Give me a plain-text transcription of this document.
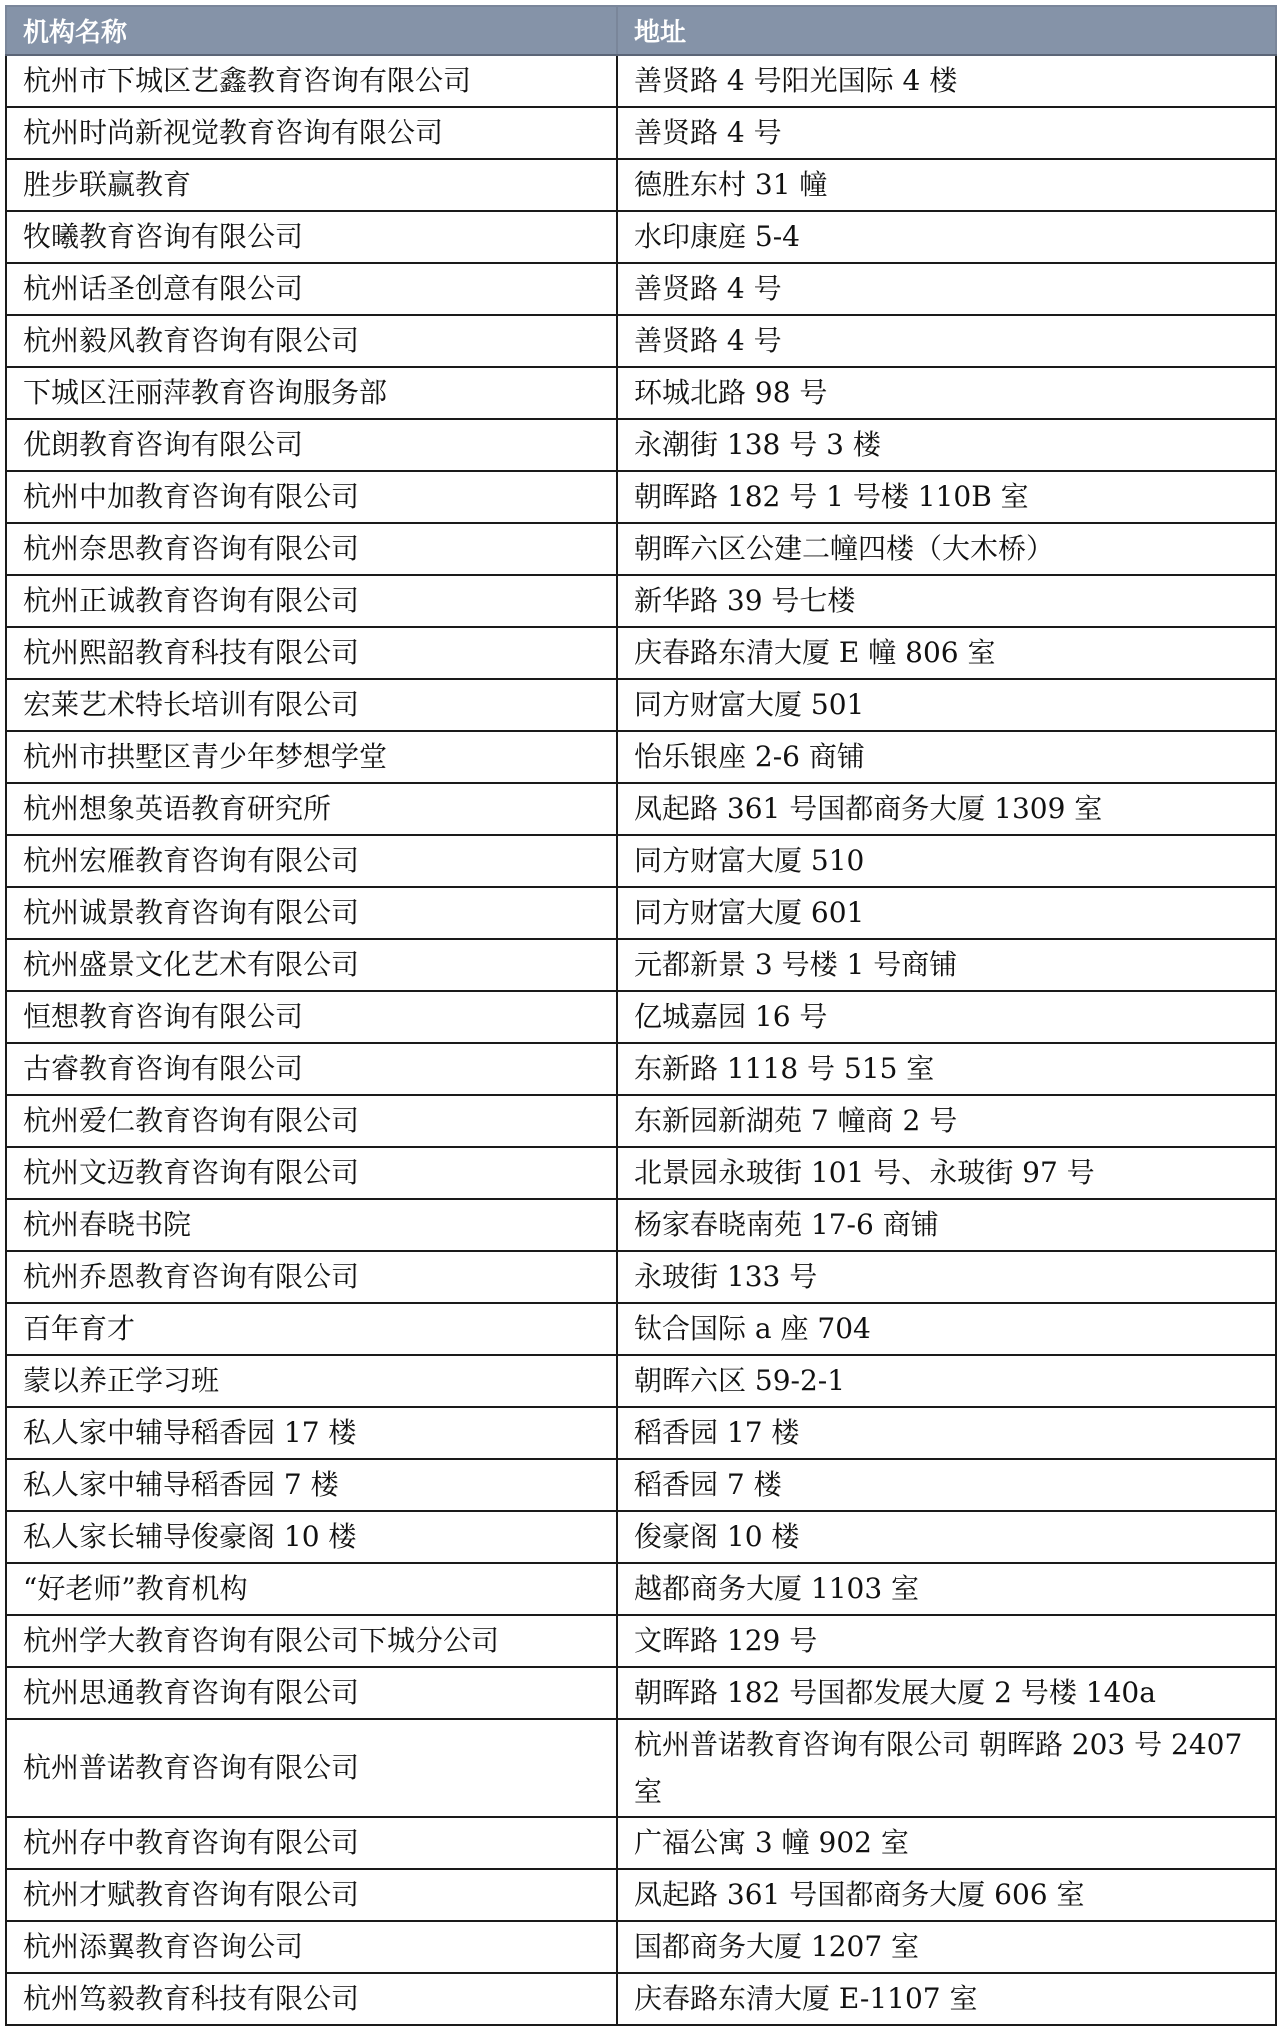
机构名称	地址
杭州市下城区艺鑫教育咨询有限公司	善贤路 4 号阳光国际 4 楼
杭州时尚新视觉教育咨询有限公司	善贤路 4 号
胜步联赢教育	德胜东村 31 幢
牧曦教育咨询有限公司	水印康庭 5-4
杭州话圣创意有限公司	善贤路 4 号
杭州毅风教育咨询有限公司	善贤路 4 号
下城区汪丽萍教育咨询服务部	环城北路 98 号
优朗教育咨询有限公司	永潮街 138 号 3 楼
杭州中加教育咨询有限公司	朝晖路 182 号 1 号楼 110B 室
杭州奈思教育咨询有限公司	朝晖六区公建二幢四楼（大木桥）
杭州正诚教育咨询有限公司	新华路 39 号七楼
杭州熙韶教育科技有限公司	庆春路东清大厦 E 幢 806 室
宏莱艺术特长培训有限公司	同方财富大厦 501
杭州市拱墅区青少年梦想学堂	怡乐银座 2-6 商铺
杭州想象英语教育研究所	凤起路 361 号国都商务大厦 1309 室
杭州宏雁教育咨询有限公司	同方财富大厦 510
杭州诚景教育咨询有限公司	同方财富大厦 601
杭州盛景文化艺术有限公司	元都新景 3 号楼 1 号商铺
恒想教育咨询有限公司	亿城嘉园 16 号
古睿教育咨询有限公司	东新路 1118 号 515 室
杭州爱仁教育咨询有限公司	东新园新湖苑 7 幢商 2 号
杭州文迈教育咨询有限公司	北景园永玻街 101 号、永玻街 97 号
杭州春晓书院	杨家春晓南苑 17-6 商铺
杭州乔恩教育咨询有限公司	永玻街 133 号
百年育才	钛合国际 a 座 704
蒙以养正学习班	朝晖六区 59-2-1
私人家中辅导稻香园 17 楼	稻香园 17 楼
私人家中辅导稻香园 7 楼	稻香园 7 楼
私人家长辅导俊豪阁 10 楼	俊豪阁 10 楼
“好老师”教育机构	越都商务大厦 1103 室
杭州学大教育咨询有限公司下城分公司	文晖路 129 号
杭州思通教育咨询有限公司	朝晖路 182 号国都发展大厦 2 号楼 140a
杭州普诺教育咨询有限公司	杭州普诺教育咨询有限公司 朝晖路 203 号 2407 室
杭州存中教育咨询有限公司	广福公寓 3 幢 902 室
杭州才赋教育咨询有限公司	凤起路 361 号国都商务大厦 606 室
杭州添翼教育咨询公司	国都商务大厦 1207 室
杭州笃毅教育科技有限公司	庆春路东清大厦 E-1107 室
